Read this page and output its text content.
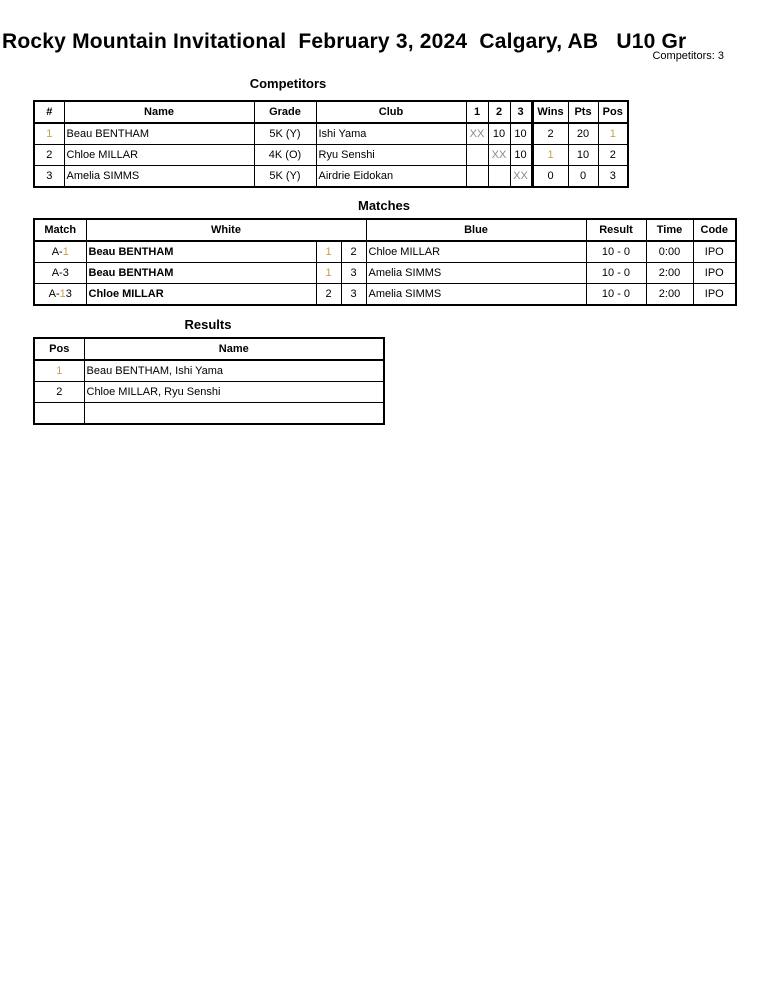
Rocky Mountain Invitational  February 3, 2024  Calgary, AB   U10 Gr
Competitors: 3
Competitors
#	Name	Grade	Club	1	2	3	Wins	Pts	Pos
1	Beau BENTHAM	5K (Y)	Ishi Yama	XX	10	10	2	20	1
2	Chloe MILLAR	4K (O)	Ryu Senshi		XX	10	1	10	2
3	Amelia SIMMS	5K (Y)	Airdrie Eidokan			XX	0	0	3
Matches
Match	White			Blue	Result	Time	Code
A-1	Beau BENTHAM	1	2	Chloe MILLAR	10 - 0	0:00	IPO
A-3	Beau BENTHAM	1	3	Amelia SIMMS	10 - 0	2:00	IPO
A-13	Chloe MILLAR	2	3	Amelia SIMMS	10 - 0	2:00	IPO
Results
Pos	Name
1	Beau BENTHAM, Ishi Yama
2	Chloe MILLAR, Ryu Senshi
